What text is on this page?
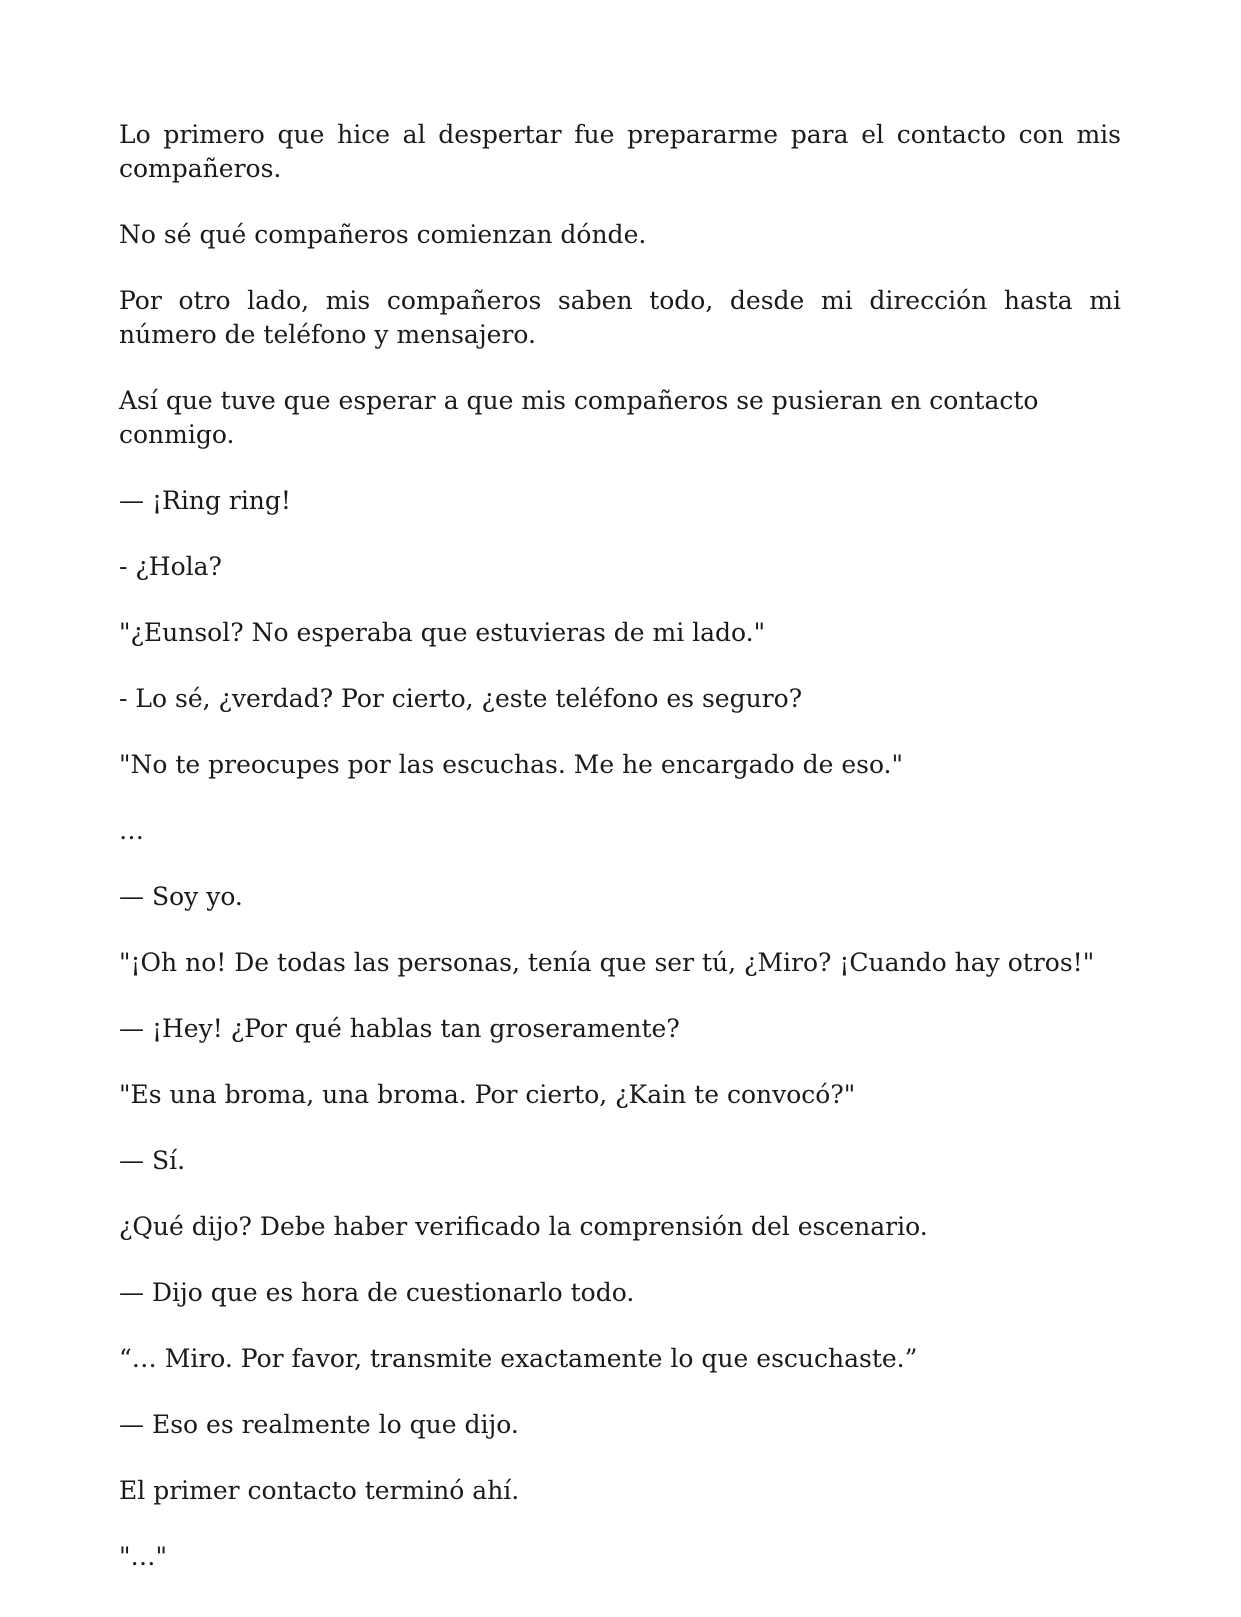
Lo primero que hice al despertar fue prepararme para el contacto con mis compañeros.

No sé qué compañeros comienzan dónde.

Por otro lado, mis compañeros saben todo, desde mi dirección hasta mi número de teléfono y mensajero.

Así que tuve que esperar a que mis compañeros se pusieran en contacto conmigo.

— ¡Ring ring!

- ¿Hola?

"¿Eunsol? No esperaba que estuvieras de mi lado."

- Lo sé, ¿verdad? Por cierto, ¿este teléfono es seguro?

"No te preocupes por las escuchas. Me he encargado de eso."

…

— Soy yo.

"¡Oh no! De todas las personas, tenía que ser tú, ¿Miro? ¡Cuando hay otros!"

— ¡Hey! ¿Por qué hablas tan groseramente?

"Es una broma, una broma. Por cierto, ¿Kain te convocó?"

— Sí.

¿Qué dijo? Debe haber verificado la comprensión del escenario.

— Dijo que es hora de cuestionarlo todo.

“… Miro. Por favor, transmite exactamente lo que escuchaste.”

— Eso es realmente lo que dijo.

El primer contacto terminó ahí.

"…"
